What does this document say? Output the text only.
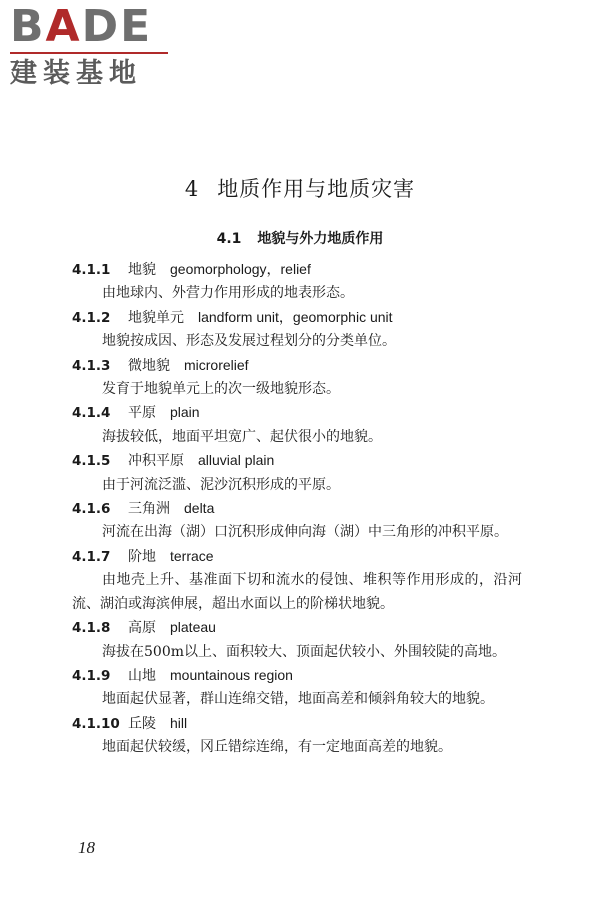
BADE
建装基地
4 地质作用与地质灾害
4.1 地貌与外力地质作用
4.1.1 地貌 geomorphology，relief

由地球内、外营力作用形成的地表形态。

4.1.2 地貌单元 landform unit，geomorphic unit

地貌按成因、形态及发展过程划分的分类单位。

4.1.3 微地貌 microrelief

发育于地貌单元上的次一级地貌形态。

4.1.4 平原 plain

海拔较低，地面平坦宽广、起伏很小的地貌。

4.1.5 冲积平原 alluvial plain

由于河流泛滥、泥沙沉积形成的平原。

4.1.6 三角洲 delta

河流在出海（湖）口沉积形成伸向海（湖）中三角形的冲积平原。

4.1.7 阶地 terrace

由地壳上升、基准面下切和流水的侵蚀、堆积等作用形成的，沿河流、湖泊或海滨伸展，超出水面以上的阶梯状地貌。

4.1.8 高原 plateau

海拔在500m以上、面积较大、顶面起伏较小、外围较陡的高地。

4.1.9 山地 mountainous region

地面起伏显著，群山连绵交错，地面高差和倾斜角较大的地貌。

4.1.10 丘陵 hill

地面起伏较缓，冈丘错综连绵，有一定地面高差的地貌。

18
